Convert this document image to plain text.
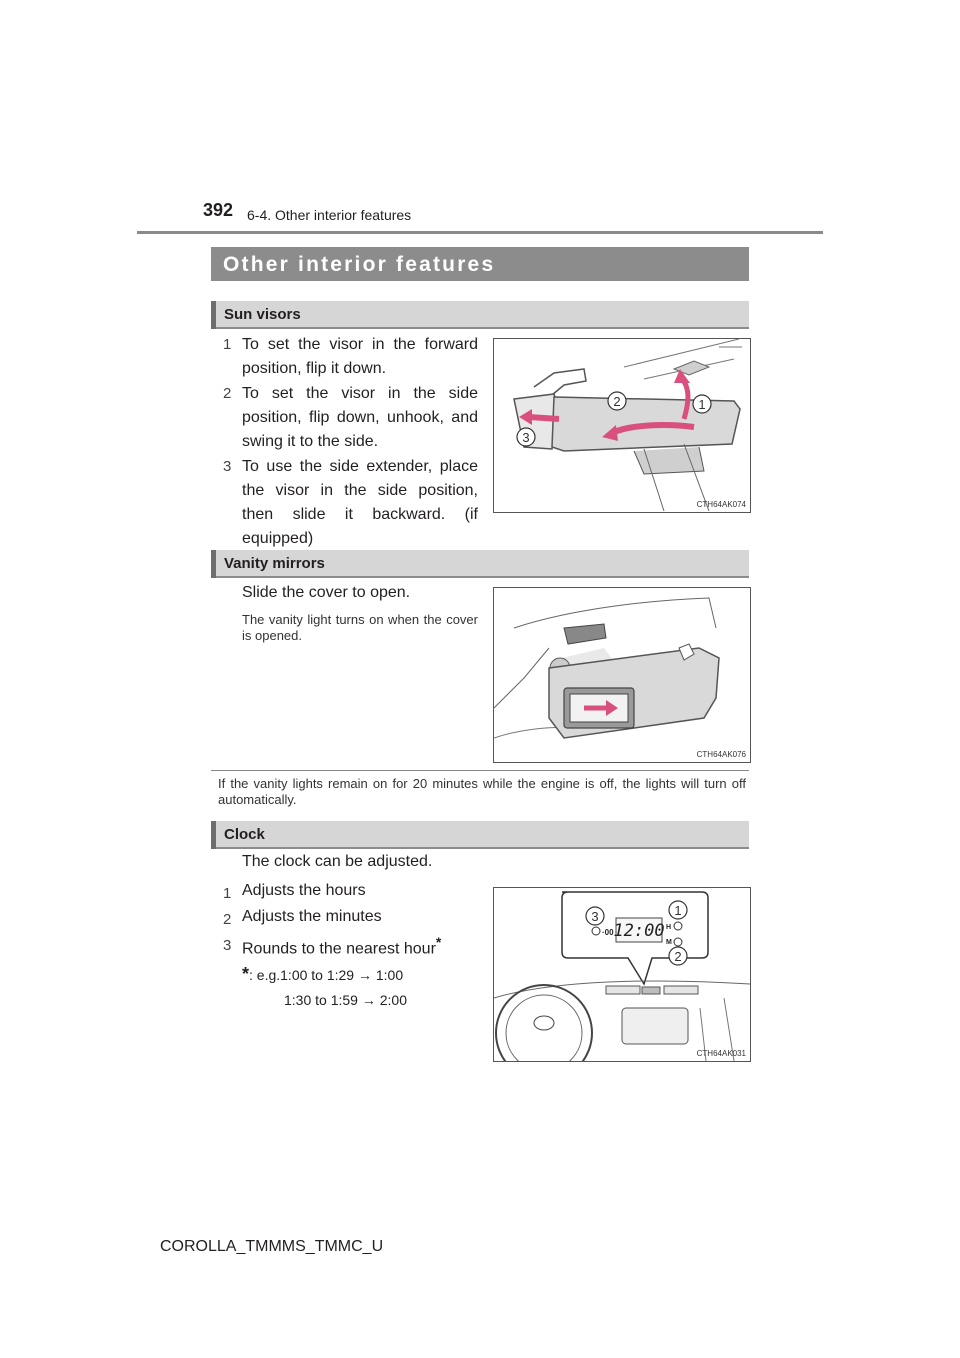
392 6-4. Other interior features
Other interior features
Sun visors
1 To set the visor in the forward position, flip it down.
2 To set the visor in the side position, flip down, unhook, and swing it to the side.
3 To use the side extender, place the visor in the side position, then slide it backward. (if equipped)
1
2
3
CTH64AK074
Vanity mirrors
Slide the cover to open.
The vanity light turns on when the cover is opened.
CTH64AK076
If the vanity lights remain on for 20 minutes while the engine is off, the lights will turn off automatically.
Clock
The clock can be adjusted.
1 Adjusts the hours
2 Adjusts the minutes
3 Rounds to the nearest hour*
*: e.g.1:00 to 1:29 → 1:00
1:30 to 1:59 → 2:00
12:00
·00
H
M
1
2
3
CTH64AK031
COROLLA_TMMMS_TMMC_U
